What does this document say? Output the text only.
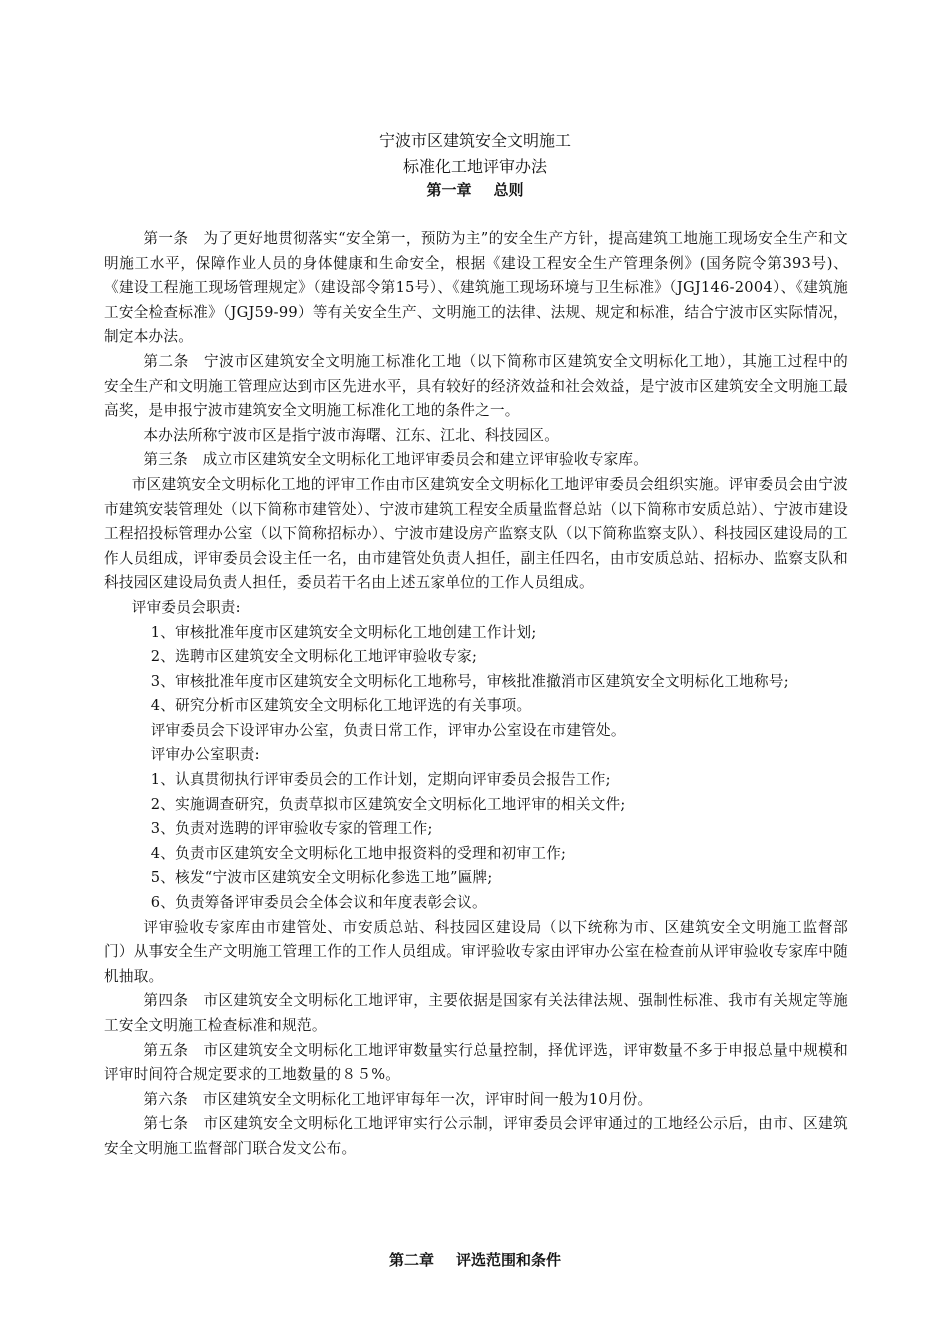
宁波市区建筑安全文明施工
标准化工地评审办法
第一章 总则

第一条　为了更好地贯彻落实“安全第一，预防为主”的安全生产方针，提高建筑工地施工现场安全生产和文明施工水平，保障作业人员的身体健康和生命安全，根据《建设工程安全生产管理条例》(国务院令第393号)、《建设工程施工现场管理规定》（建设部令第15号）、《建筑施工现场环境与卫生标准》（JGJ146-2004）、《建筑施工安全检查标准》（JGJ59-99）等有关安全生产、文明施工的法律、法规、规定和标准，结合宁波市区实际情况，制定本办法。

第二条　宁波市区建筑安全文明施工标准化工地（以下简称市区建筑安全文明标化工地），其施工过程中的安全生产和文明施工管理应达到市区先进水平，具有较好的经济效益和社会效益，是宁波市区建筑安全文明施工最高奖，是申报宁波市建筑安全文明施工标准化工地的条件之一。

本办法所称宁波市区是指宁波市海曙、江东、江北、科技园区。

第三条　成立市区建筑安全文明标化工地评审委员会和建立评审验收专家库。

市区建筑安全文明标化工地的评审工作由市区建筑安全文明标化工地评审委员会组织实施。评审委员会由宁波市建筑安装管理处（以下简称市建管处）、宁波市建筑工程安全质量监督总站（以下简称市安质总站）、宁波市建设工程招投标管理办公室（以下简称招标办）、宁波市建设房产监察支队（以下简称监察支队）、科技园区建设局的工作人员组成，评审委员会设主任一名，由市建管处负责人担任，副主任四名，由市安质总站、招标办、监察支队和科技园区建设局负责人担任，委员若干名由上述五家单位的工作人员组成。

评审委员会职责:

1、审核批准年度市区建筑安全文明标化工地创建工作计划;

2、选聘市区建筑安全文明标化工地评审验收专家;

3、审核批准年度市区建筑安全文明标化工地称号，审核批准撤消市区建筑安全文明标化工地称号;

4、研究分析市区建筑安全文明标化工地评选的有关事项。

评审委员会下设评审办公室，负责日常工作，评审办公室设在市建管处。

评审办公室职责:

1、认真贯彻执行评审委员会的工作计划，定期向评审委员会报告工作;

2、实施调查研究，负责草拟市区建筑安全文明标化工地评审的相关文件;

3、负责对选聘的评审验收专家的管理工作;

4、负责市区建筑安全文明标化工地申报资料的受理和初审工作;

5、核发“宁波市区建筑安全文明标化参选工地”匾牌;

6、负责筹备评审委员会全体会议和年度表彰会议。

评审验收专家库由市建管处、市安质总站、科技园区建设局（以下统称为市、区建筑安全文明施工监督部门）从事安全生产文明施工管理工作的工作人员组成。审评验收专家由评审办公室在检查前从评审验收专家库中随机抽取。

第四条　市区建筑安全文明标化工地评审，主要依据是国家有关法律法规、强制性标准、我市有关规定等施工安全文明施工检查标准和规范。

第五条　市区建筑安全文明标化工地评审数量实行总量控制，择优评选，评审数量不多于申报总量中规模和评审时间符合规定要求的工地数量的８５%。

第六条　市区建筑安全文明标化工地评审每年一次，评审时间一般为10月份。

第七条　市区建筑安全文明标化工地评审实行公示制，评审委员会评审通过的工地经公示后，由市、区建筑安全文明施工监督部门联合发文公布。

第二章 评选范围和条件
